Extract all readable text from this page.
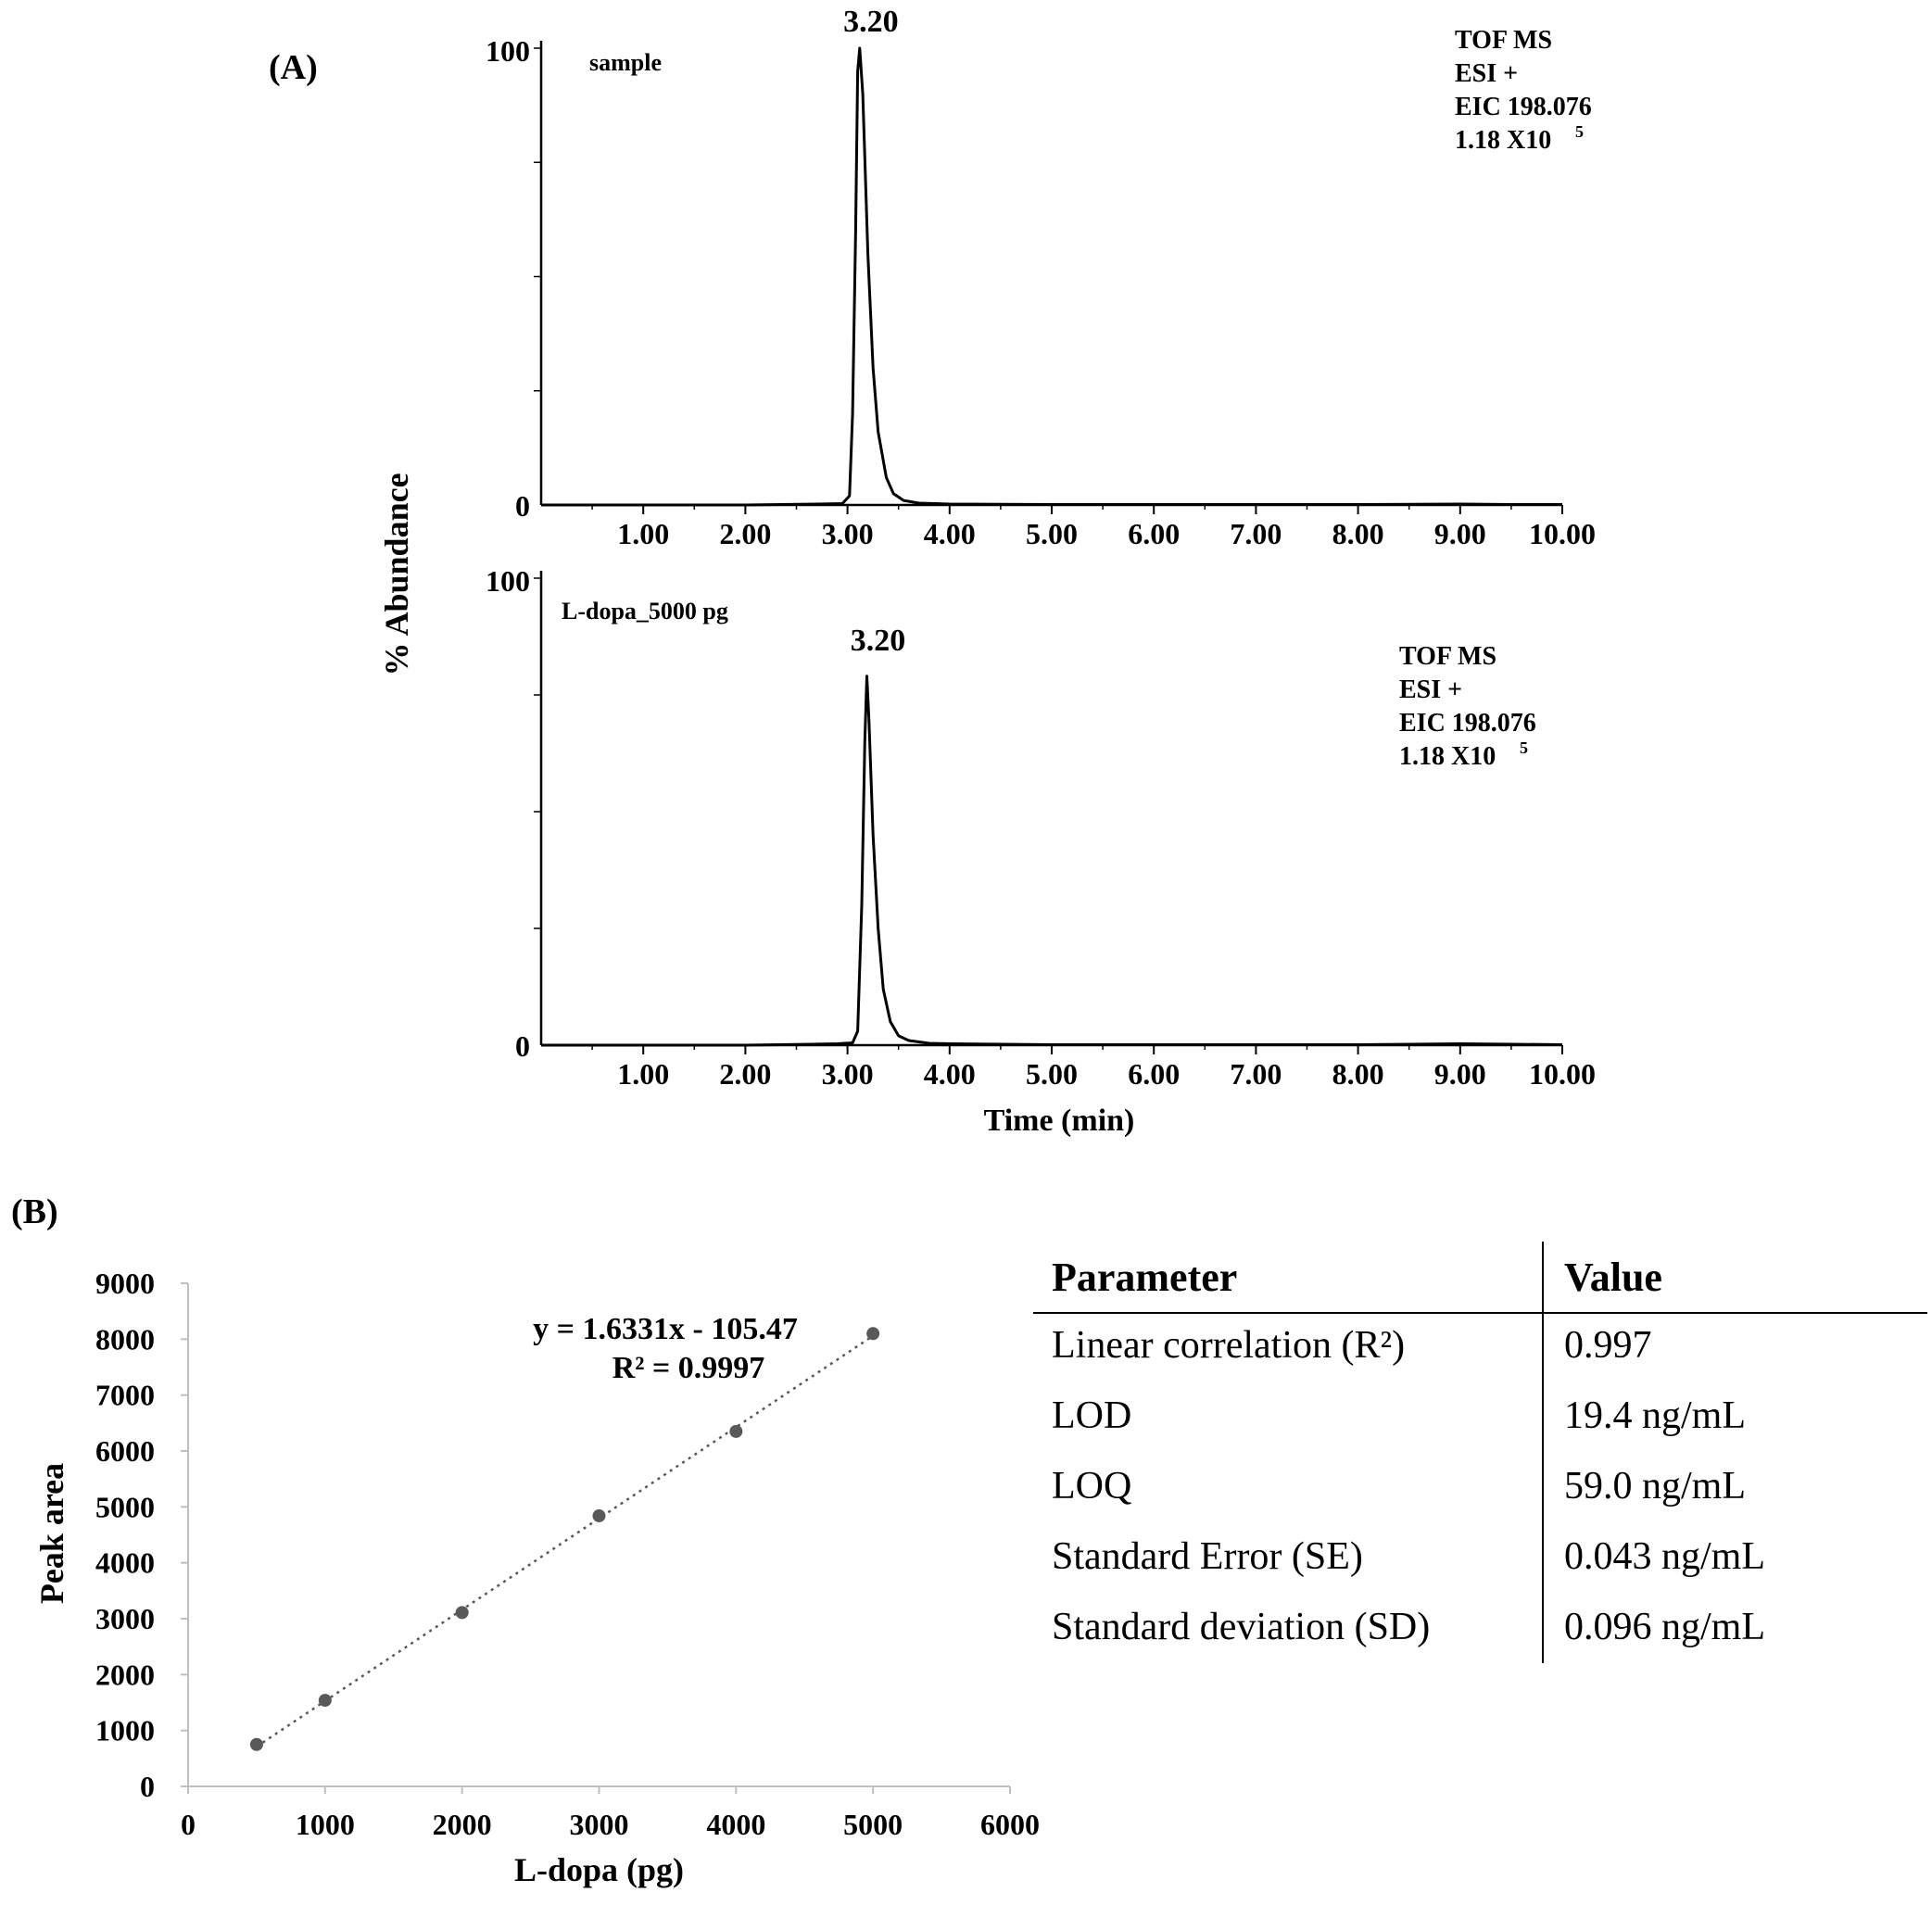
(A)
(B)
% Abundance
100
0
1.00 2.00 3.00 4.00 5.00 6.00 7.00 8.00 9.00 10.00
3.20
sample
TOF MS
ESI +
EIC 198.076
1.18 X10 5
100
0
1.00 2.00 3.00 4.00 5.00 6.00 7.00 8.00 9.00 10.00
3.20
L-dopa_5000 pg
TOF MS
ESI +
EIC 198.076
1.18 X10 5
Time (min)
0
1000
2000
3000
4000
5000
6000
7000
8000
9000
0	1000	2000	3000	4000	5000	6000
y = 1.6331x - 105.47
R² = 0.9997
L-dopa (pg)
Peak area
Parameter	Value
Linear correlation (R²)	0.997
LOD	19.4 ng/mL
LOQ	59.0 ng/mL
Standard Error (SE)	0.043 ng/mL
Standard deviation (SD)	0.096 ng/mL
